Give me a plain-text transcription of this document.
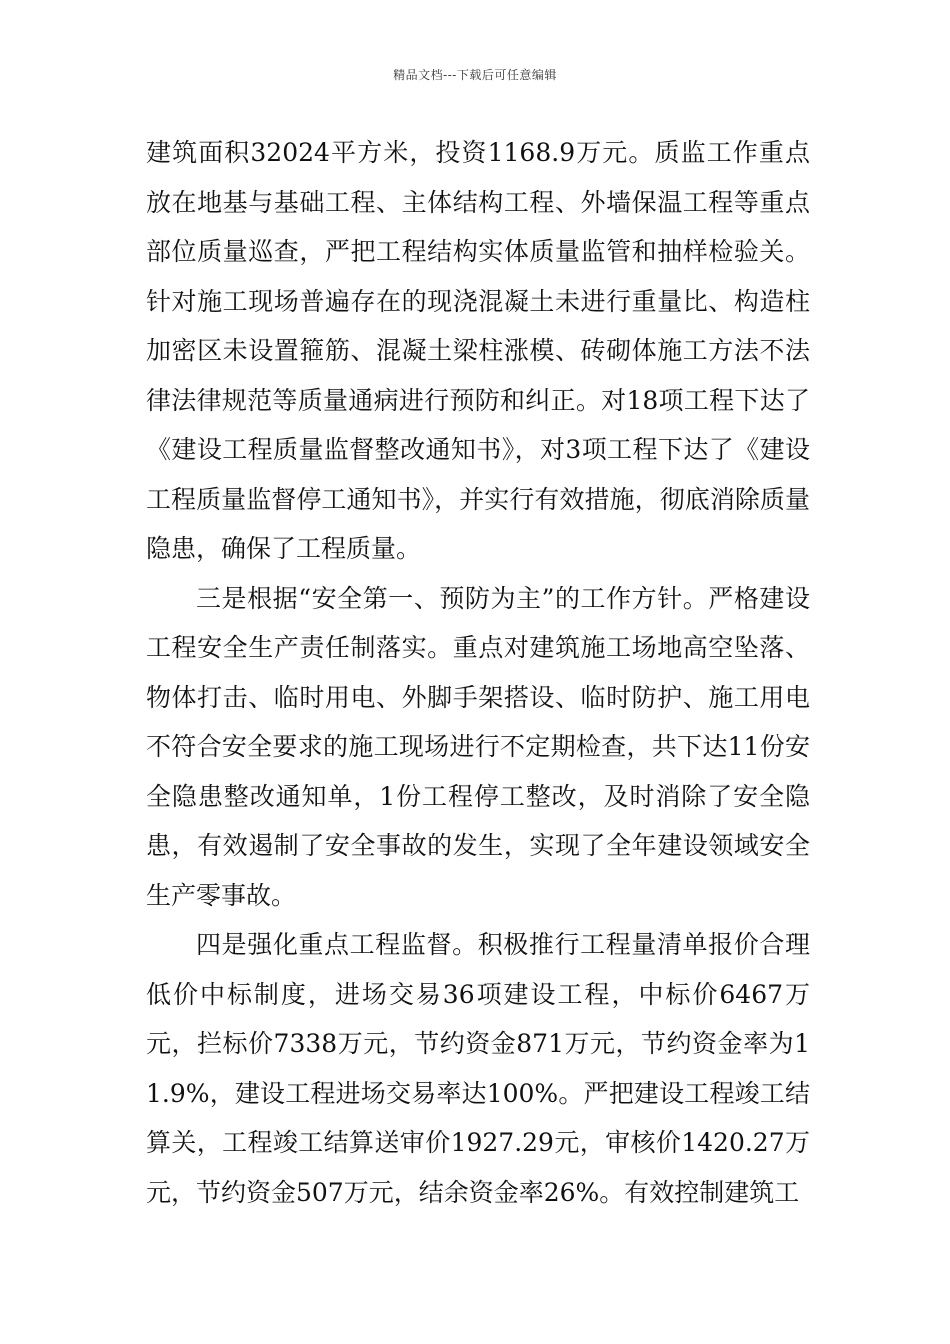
精品文档---下载后可任意编辑

建筑面积32024平方米，投资1168.9万元。质监工作重点放在地基与基础工程、主体结构工程、外墙保温工程等重点部位质量巡查，严把工程结构实体质量监管和抽样检验关。针对施工现场普遍存在的现浇混凝土未进行重量比、构造柱加密区未设置箍筋、混凝土梁柱涨模、砖砌体施工方法不法律法律规范等质量通病进行预防和纠正。对18项工程下达了《建设工程质量监督整改通知书》，对3项工程下达了《建设工程质量监督停工通知书》，并实行有效措施，彻底消除质量隐患，确保了工程质量。

三是根据“安全第一、预防为主”的工作方针。严格建设工程安全生产责任制落实。重点对建筑施工场地高空坠落、物体打击、临时用电、外脚手架搭设、临时防护、施工用电不符合安全要求的施工现场进行不定期检查，共下达11份安全隐患整改通知单，1份工程停工整改，及时消除了安全隐患，有效遏制了安全事故的发生，实现了全年建设领域安全生产零事故。

四是强化重点工程监督。积极推行工程量清单报价合理低价中标制度，进场交易36项建设工程，中标价6467万元，拦标价7338万元，节约资金871万元，节约资金率为11.9%，建设工程进场交易率达100%。严把建设工程竣工结算关，工程竣工结算送审价1927.29元，审核价1420.27万元，节约资金507万元，结余资金率26%。有效控制建筑工
